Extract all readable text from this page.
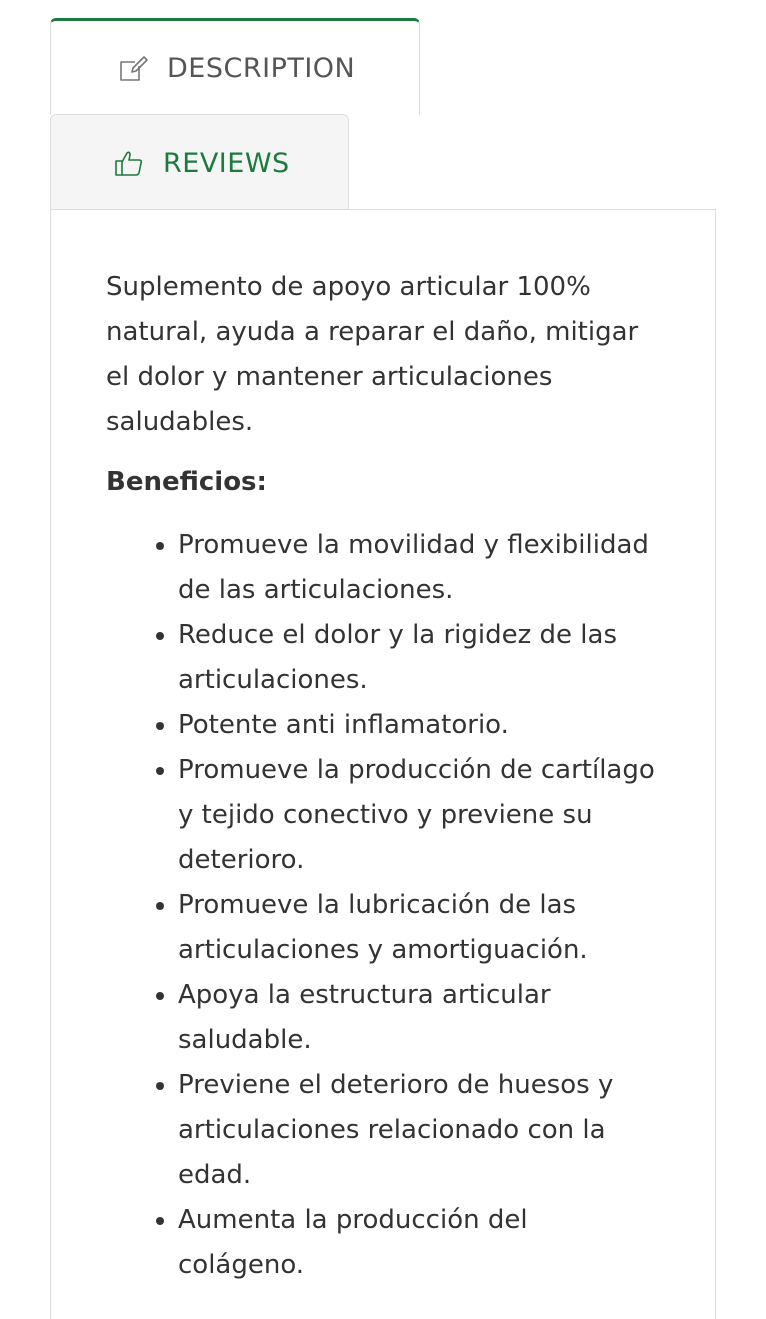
DESCRIPTION
REVIEWS

Suplemento de apoyo articular 100% natural, ayuda a reparar el daño, mitigar el dolor y mantener articulaciones saludables.

Beneficios:

• Promueve la movilidad y flexibilidad de las articulaciones.
• Reduce el dolor y la rigidez de las articulaciones.
• Potente anti inflamatorio.
• Promueve la producción de cartílago y tejido conectivo y previene su deterioro.
• Promueve la lubricación de las articulaciones y amortiguación.
• Apoya la estructura articular saludable.
• Previene el deterioro de huesos y articulaciones relacionado con la edad.
• Aumenta la producción del colágeno.
